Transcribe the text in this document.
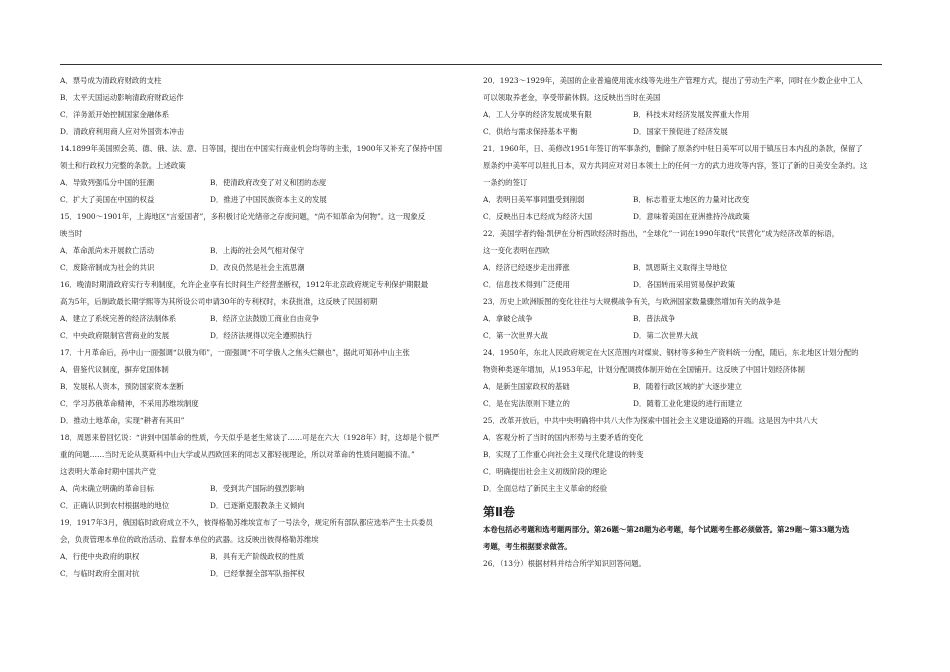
A．票号成为清政府财政的支柱
B．太平天国运动影响清政府财政运作
C．洋务派开始控制国家金融体系
D．清政府利用商人应对外国资本冲击
14.1899年美国照会英、德、俄、法、意、日等国，提出在中国实行商业机会均等的主张，1900年又补充了保持中国
领土和行政权力完整的条款。上述政策
A．导致列强瓜分中国的狂潮	B．使清政府改变了对义和团的态度
C．扩大了美国在中国的权益	D．推进了中国民族资本主义的发展
15．1900～1901年，上海地区“言爱国者”，多积极讨论光绪帝之存废问题，“尚不知革命为何物”。这一现象反
映当时
A．革命派尚未开展救亡活动	B．上海的社会风气相对保守
C．废除帝制成为社会的共识	D．改良仍然是社会主流思潮
16．晚清时期清政府实行专利制度，允许企业享有长时间生产经营垄断权，1912年北京政府规定专利保护期限最
高为5年，后制政最长期学熙等为其所设公司申请30年的专利权时，未获批准，这反映了民国初期
A．建立了系统完善的经济法制体系	B．经济立法鼓励工商业自由竞争
C．中央政府限制官营商业的发展	D．经济法规得以完全遵照执行
17．十月革命后，孙中山一面强调“以俄为师”，一面强调“不可学俄人之焦头烂额也”，据此可知孙中山主张
A．借鉴代议制度，摒弃党国体制
B．发展私人资本，预防国家资本垄断
C．学习苏俄革命精神，不采用苏维埃制度
D．推动土地革命，实现“耕者有其田”
18．周恩来曾回忆说：“讲到中国革命的性质，今天似乎是老生常谈了……可是在六大（1928年）时，这却是个很严
重的问题……当时无论从莫斯科中山大学或从西欧回来的同志又都轻视理论，所以对革命的性质问题搞不清。”
这表明大革命时期中国共产党
A．尚未确立明确的革命目标	B．受到共产国际的强烈影响
C．正确认识到农村根据地的地位	D．已逐渐克服教条主义倾向
19．1917年3月，俄国临时政府成立不久，彼得格勒苏维埃宣布了一号法令，规定所有部队都应选举产生士兵委员
会，负责管理本单位的政治活动、监督本单位的武器。这反映出彼得格勒苏维埃
A．行使中央政府的职权	B．具有无产阶级政权的性质
C．与临时政府全面对抗	D．已经掌握全部军队指挥权
20．1923～1929年，美国的企业普遍使用流水线等先进生产管理方式，提出了劳动生产率，同时在少数企业中工人
可以领取养老金，享受带薪休假。这反映出当时在美国
A．工人分享的经济发展成果有限	B．科技未对经济发展发挥重大作用
C．供给与需求保持基本平衡	D．国家干预促进了经济发展
21．1960年，日、美修改1951年签订的军事条约，删除了原条约中驻日美军可以用于镇压日本内乱的条款，保留了
原条约中美军可以驻扎日本，双方共同应对对日本领土上的任何一方的武力进攻等内容，签订了新的日美安全条约。这
一条约的签订
A．表明日美军事同盟受到削弱	B．标志着亚太地区的力量对比改变
C．反映出日本已经成为经济大国	D．意味着美国在亚洲推持冷战政策
22．美国学者约翰·凯伊在分析西欧经济时指出，“全球化”一词在1990年取代“民营化”成为经济改革的标语，
这一变化表明在西欧
A．经济已经逐步走出滞涨	B．凯恩斯主义取得主导地位
C．信息技术得到广泛使用	D．各国转而采用贸易保护政策
23．历史上欧洲版图的变化往往与大规模战争有关，与欧洲国家数量骤然增加有关的战争是
A．拿破仑战争	B．普法战争
C．第一次世界大战	D．第二次世界大战
24．1950年，东北人民政府规定在大区范围内对煤炭、钢材等多种生产资料统一分配，随后，东北地区计划分配的
物资种类逐年增加，从1953年起，计划分配调拨体制开始在全国铺开。这反映了中国计划经济体制
A．是新生国家政权的基础	B．随着行政区域的扩大逐步建立
C．是在宪法原则下建立的	D．随着工业化建设的进行而建立
25．改革开放后，中共中央明确将中共八大作为探索中国社会主义建设道路的开端。这是因为中共八大
A．客观分析了当时的国内形势与主要矛盾的变化
B．实现了工作重心向社会主义现代化建设的转变
C．明确提出社会主义初级阶段的理论
D．全面总结了新民主主义革命的经验
第Ⅱ卷
本卷包括必考题和选考题两部分。第26题～第28题为必考题，每个试题考生都必须做答。第29题～第33题为选
考题，考生根据要求做答。
26．（13分）根据材料并结合所学知识回答问题。
